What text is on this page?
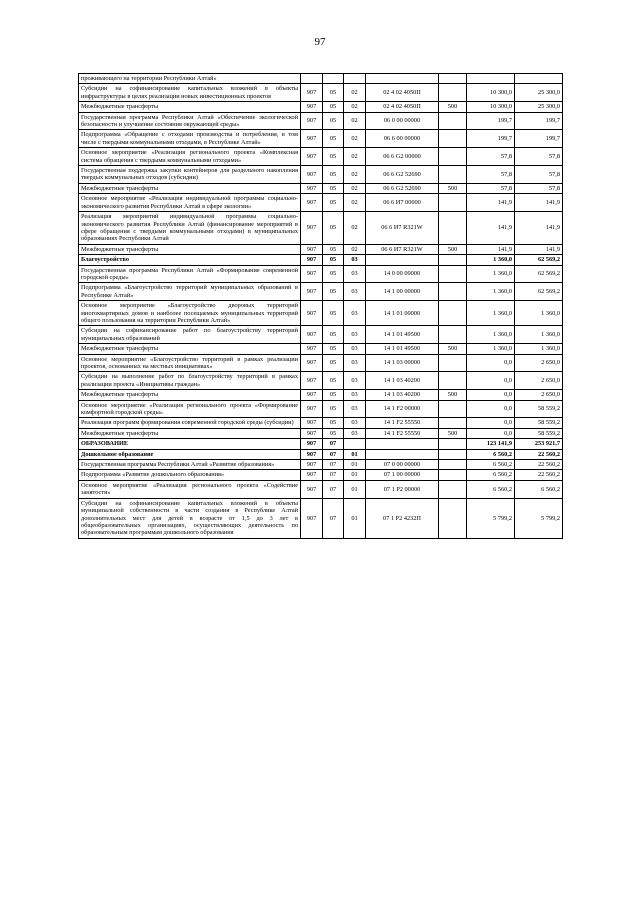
97
проживающего на территории Республики Алтай»							
Субсидии на софинансирование капитальных вложений в объекты инфраструктуры в целях реализации новых инвестиционных проектов	907	05	02	02 4 02 4050П		10 300,0	25 300,0
Межбюджетные трансферты	907	05	02	02 4 02 4050П	500	10 300,0	25 300,0
Государственная программа Республики Алтай «Обеспечение экологической безопасности и улучшение состояния окружающей среды»	907	05	02	06 0 00 00000		199,7	199,7
Подпрограмма «Обращение с отходами производства и потребления, в том числе с твердыми коммунальными отходами, в Республике Алтай»	907	05	02	06 6 00 00000		199,7	199,7
Основное мероприятие «Реализация регионального проекта «Комплексная система обращения с твердыми коммунальными отходами»	907	05	02	06 6 G2 00000		57,8	57,8
Государственная поддержка закупки контейнеров для раздельного накопления твердых коммунальных отходов (субсидии)	907	05	02	06 6 G2 52690		57,8	57,8
Межбюджетные трансферты	907	05	02	06 6 G2 52690	500	57,8	57,8
Основное мероприятие «Реализация индивидуальной программы социально-экономического развития Республики Алтай в сфере экологии»	907	05	02	06 6 И7 00000		141,9	141,9
Реализация мероприятий индивидуальной программы социально-экономического развития Республики Алтай (финансирование мероприятий в сфере обращения с твердыми коммунальными отходами) в муниципальных образованиях Республики Алтай	907	05	02	06 6 И7 R321W		141,9	141,9
Межбюджетные трансферты	907	05	02	06 6 И7 R321W	500	141,9	141,9
Благоустройство	907	05	03			1 360,0	62 569,2
Государственная программа Республики Алтай «Формирование современной городской среды»	907	05	03	14 0 00 00000		1 360,0	62 569,2
Подпрограмма «Благоустройство территорий муниципальных образований в Республике Алтай»	907	05	03	14 1 00 00000		1 360,0	62 569,2
Основное мероприятие «Благоустройство дворовых территорий многоквартирных домов и наиболее посещаемых муниципальных территорий общего пользования на территории Республики Алтай»	907	05	03	14 1 01 00000		1 360,0	1 360,0
Субсидии на софинансирование работ по благоустройству территорий муниципальных образований	907	05	03	14 1 01 49500		1 360,0	1 360,0
Межбюджетные трансферты	907	05	03	14 1 01 49500	500	1 360,0	1 360,0
Основное мероприятие «Благоустройство территорий в рамках реализации проектов, основанных на местных инициативах»	907	05	03	14 1 03 00000		0,0	2 650,0
Субсидии на выполнение работ по благоустройству территорий в рамках реализации проекта «Инициативы граждан»	907	05	03	14 1 03 40200		0,0	2 650,0
Межбюджетные трансферты	907	05	03	14 1 03 40200	500	0,0	2 650,0
Основное мероприятие «Реализация регионального проекта «Формирование комфортной городской среды»	907	05	03	14 1 F2 00000		0,0	58 559,2
Реализация программ формирования современной городской среды (субсидии)	907	05	03	14 1 F2 55550		0,0	58 559,2
Межбюджетные трансферты	907	05	03	14 1 F2 55550	500	0,0	58 559,2
ОБРАЗОВАНИЕ	907	07				123 141,9	253 921,7
Дошкольное образование	907	07	01			6 560,2	22 560,2
Государственная программа Республики Алтай «Развитие образования»	907	07	01	07 0 00 00000		6 560,2	22 560,2
Подпрограмма «Развитие дошкольного образования»	907	07	01	07 1 00 00000		6 560,2	22 560,2
Основное мероприятие «Реализация регионального проекта «Содействие занятости»	907	07	01	07 1 P2 00000		6 560,2	6 560,2
Субсидии на софинансирование капитальных вложений в объекты муниципальной собственности в части создания в Республике Алтай дополнительных мест для детей в возрасте от 1,5 до 3 лет в общеобразовательных организациях, осуществляющих деятельность по образовательным программам дошкольного образования	907	07	01	07 1 P2 4232П		5 799,2	5 799,2
